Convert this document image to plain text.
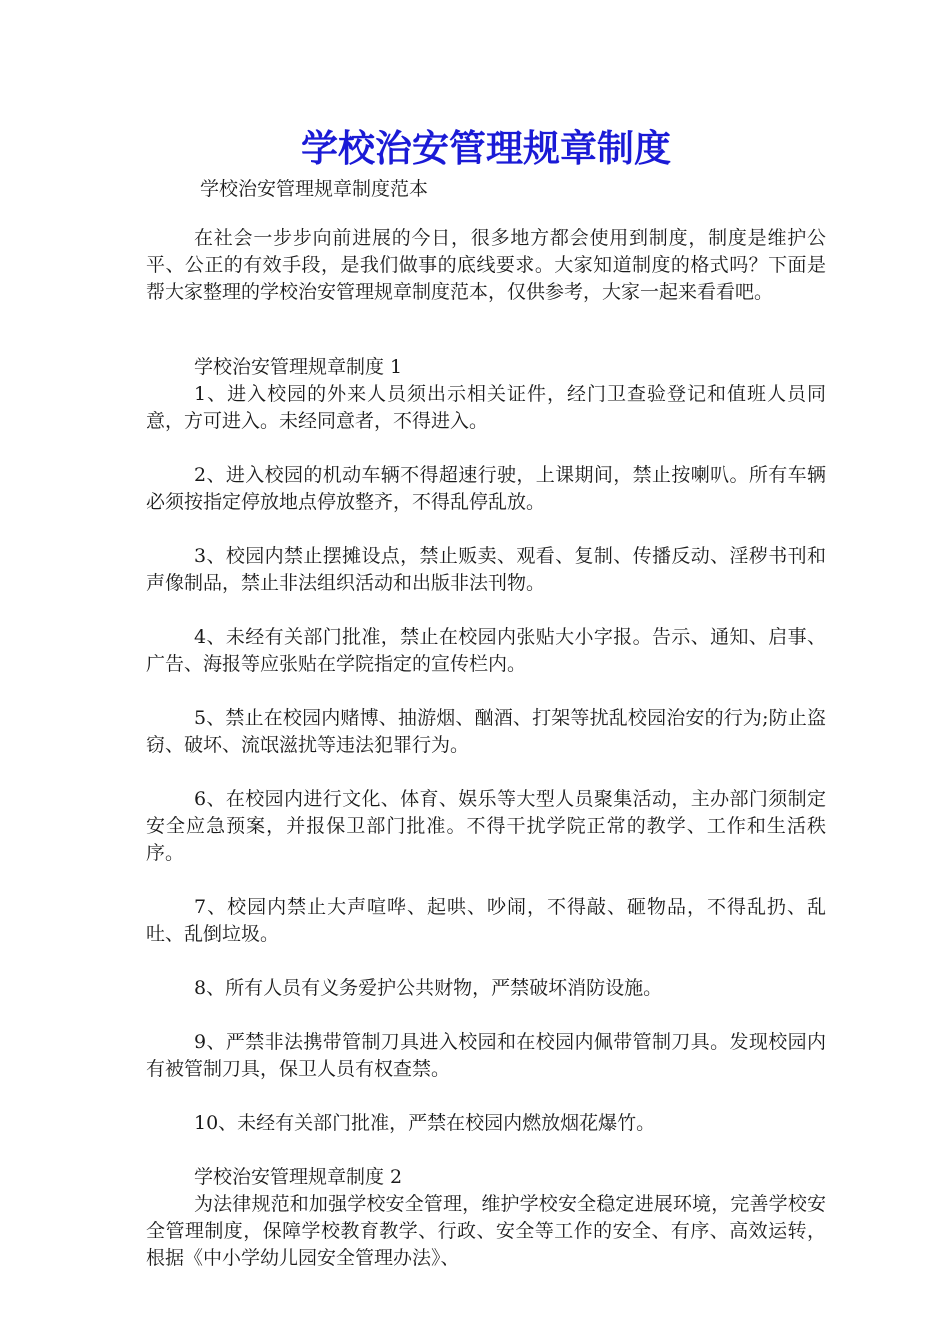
学校治安管理规章制度

学校治安管理规章制度范本

在社会一步步向前进展的今日，很多地方都会使用到制度，制度是维护公平、公正的有效手段，是我们做事的底线要求。大家知道制度的格式吗？下面是帮大家整理的学校治安管理规章制度范本，仅供参考，大家一起来看看吧。

学校治安管理规章制度 1

1、进入校园的外来人员须出示相关证件，经门卫查验登记和值班人员同意，方可进入。未经同意者，不得进入。

2、进入校园的机动车辆不得超速行驶，上课期间，禁止按喇叭。所有车辆必须按指定停放地点停放整齐，不得乱停乱放。

3、校园内禁止摆摊设点，禁止贩卖、观看、复制、传播反动、淫秽书刊和声像制品，禁止非法组织活动和出版非法刊物。

4、未经有关部门批准，禁止在校园内张贴大小字报。告示、通知、启事、广告、海报等应张贴在学院指定的宣传栏内。

5、禁止在校园内赌博、抽游烟、酗酒、打架等扰乱校园治安的行为;防止盗窃、破坏、流氓滋扰等违法犯罪行为。

6、在校园内进行文化、体育、娱乐等大型人员聚集活动，主办部门须制定安全应急预案，并报保卫部门批准。不得干扰学院正常的教学、工作和生活秩序。

7、校园内禁止大声喧哗、起哄、吵闹，不得敲、砸物品，不得乱扔、乱吐、乱倒垃圾。

8、所有人员有义务爱护公共财物，严禁破坏消防设施。

9、严禁非法携带管制刀具进入校园和在校园内佩带管制刀具。发现校园内有被管制刀具，保卫人员有权查禁。

10、未经有关部门批准，严禁在校园内燃放烟花爆竹。

学校治安管理规章制度 2

为法律规范和加强学校安全管理，维护学校安全稳定进展环境，完善学校安全管理制度，保障学校教育教学、行政、安全等工作的安全、有序、高效运转，根据《中小学幼儿园安全管理办法》、
